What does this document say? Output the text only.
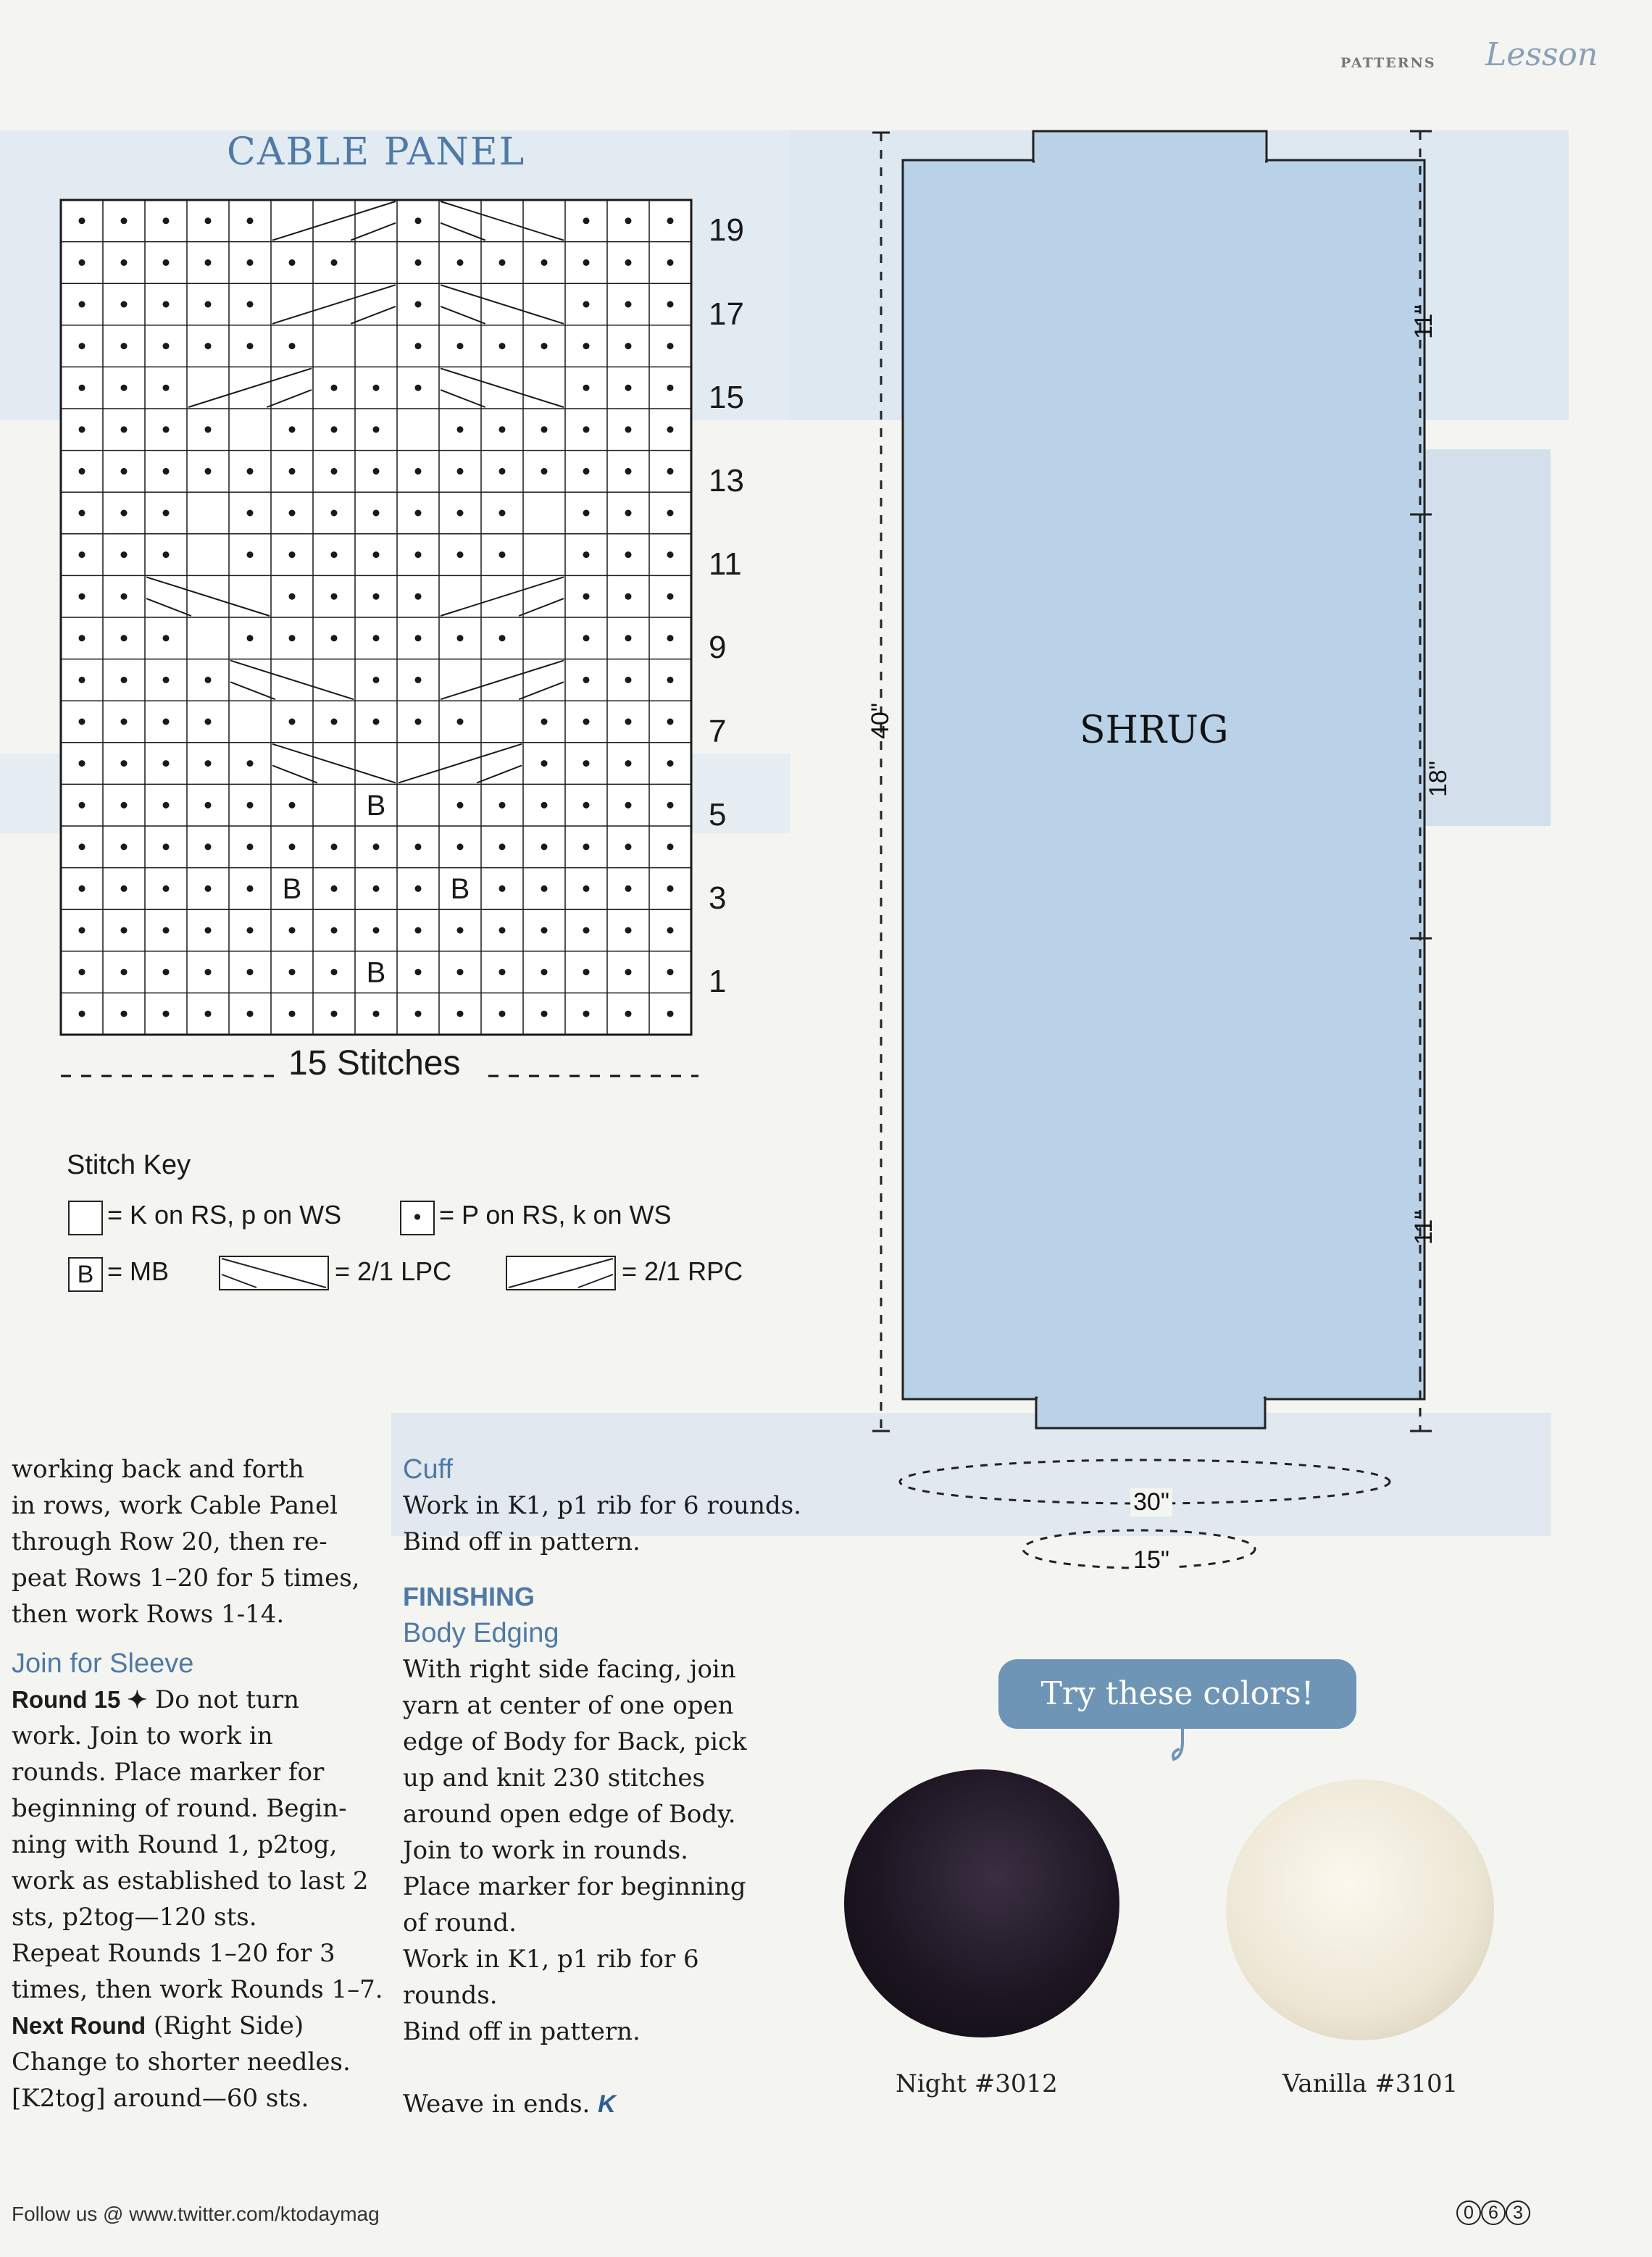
PATTERNS Lesson
CABLE PANEL
B
B	B
B
19
17
15
13
11
9
7
5
3
1
15 Stitches
Stitch Key
= K on RS, p on WS	• = P on RS, k on WS
B = MB	= 2/1 LPC	= 2/1 RPC
SHRUG
40"
11"
18"
11"
30"
15"

working back and forth

in rows, work Cable Panel

through Row 20, then re-

peat Rows 1–20 for 5 times,

then work Rows 1-14.

Join for Sleeve

Round 15 ✦ Do not turn

work. Join to work in

rounds. Place marker for

beginning of round. Begin-

ning with Round 1, p2tog,

work as established to last 2

sts, p2tog—120 sts.

Repeat Rounds 1–20 for 3

times, then work Rounds 1–7.

Next Round (Right Side)

Change to shorter needles.

[K2tog] around—60 sts.

Cuff

Work in K1, p1 rib for 6 rounds.

Bind off in pattern.

FINISHING
Body Edging

With right side facing, join

yarn at center of one open

edge of Body for Back, pick

up and knit 230 stitches

around open edge of Body.

Join to work in rounds.

Place marker for beginning

of round.

Work in K1, p1 rib for 6

rounds.

Bind off in pattern.

Weave in ends. K

Try these colors!
Night #3012	Vanilla #3101
Follow us @ www.twitter.com/ktodaymag	0 6 3
